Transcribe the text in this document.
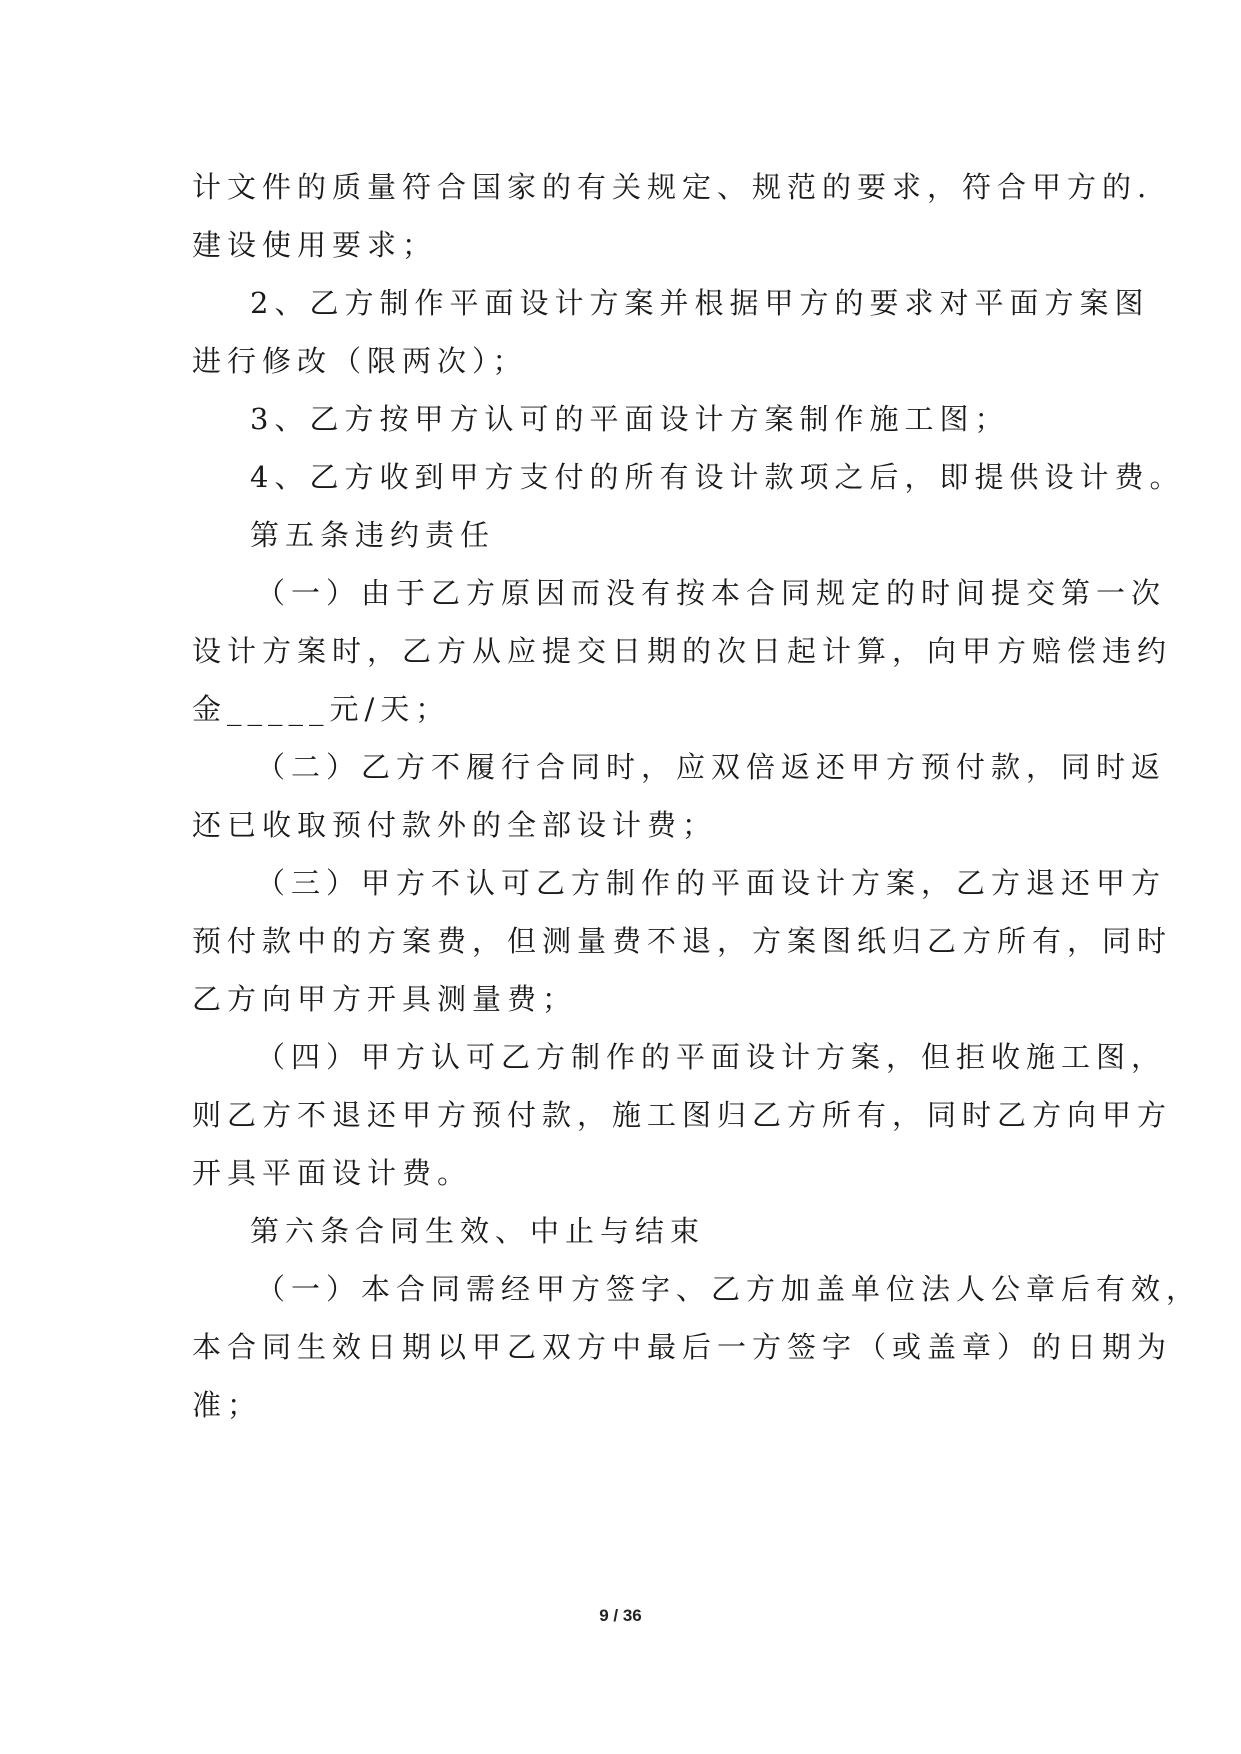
计文件的质量符合国家的有关规定、规范的要求，符合甲方的.
建设使用要求；
2、乙方制作平面设计方案并根据甲方的要求对平面方案图
进行修改（限两次）；
3、乙方按甲方认可的平面设计方案制作施工图；
4、乙方收到甲方支付的所有设计款项之后，即提供设计费。
第五条违约责任
（一）由于乙方原因而没有按本合同规定的时间提交第一次
设计方案时，乙方从应提交日期的次日起计算，向甲方赔偿违约
金_____元/天；
（二）乙方不履行合同时，应双倍返还甲方预付款，同时返
还已收取预付款外的全部设计费；
（三）甲方不认可乙方制作的平面设计方案，乙方退还甲方
预付款中的方案费，但测量费不退，方案图纸归乙方所有，同时
乙方向甲方开具测量费；
（四）甲方认可乙方制作的平面设计方案，但拒收施工图，
则乙方不退还甲方预付款，施工图归乙方所有，同时乙方向甲方
开具平面设计费。
第六条合同生效、中止与结束
（一）本合同需经甲方签字、乙方加盖单位法人公章后有效，
本合同生效日期以甲乙双方中最后一方签字（或盖章）的日期为
准；
9 / 36
